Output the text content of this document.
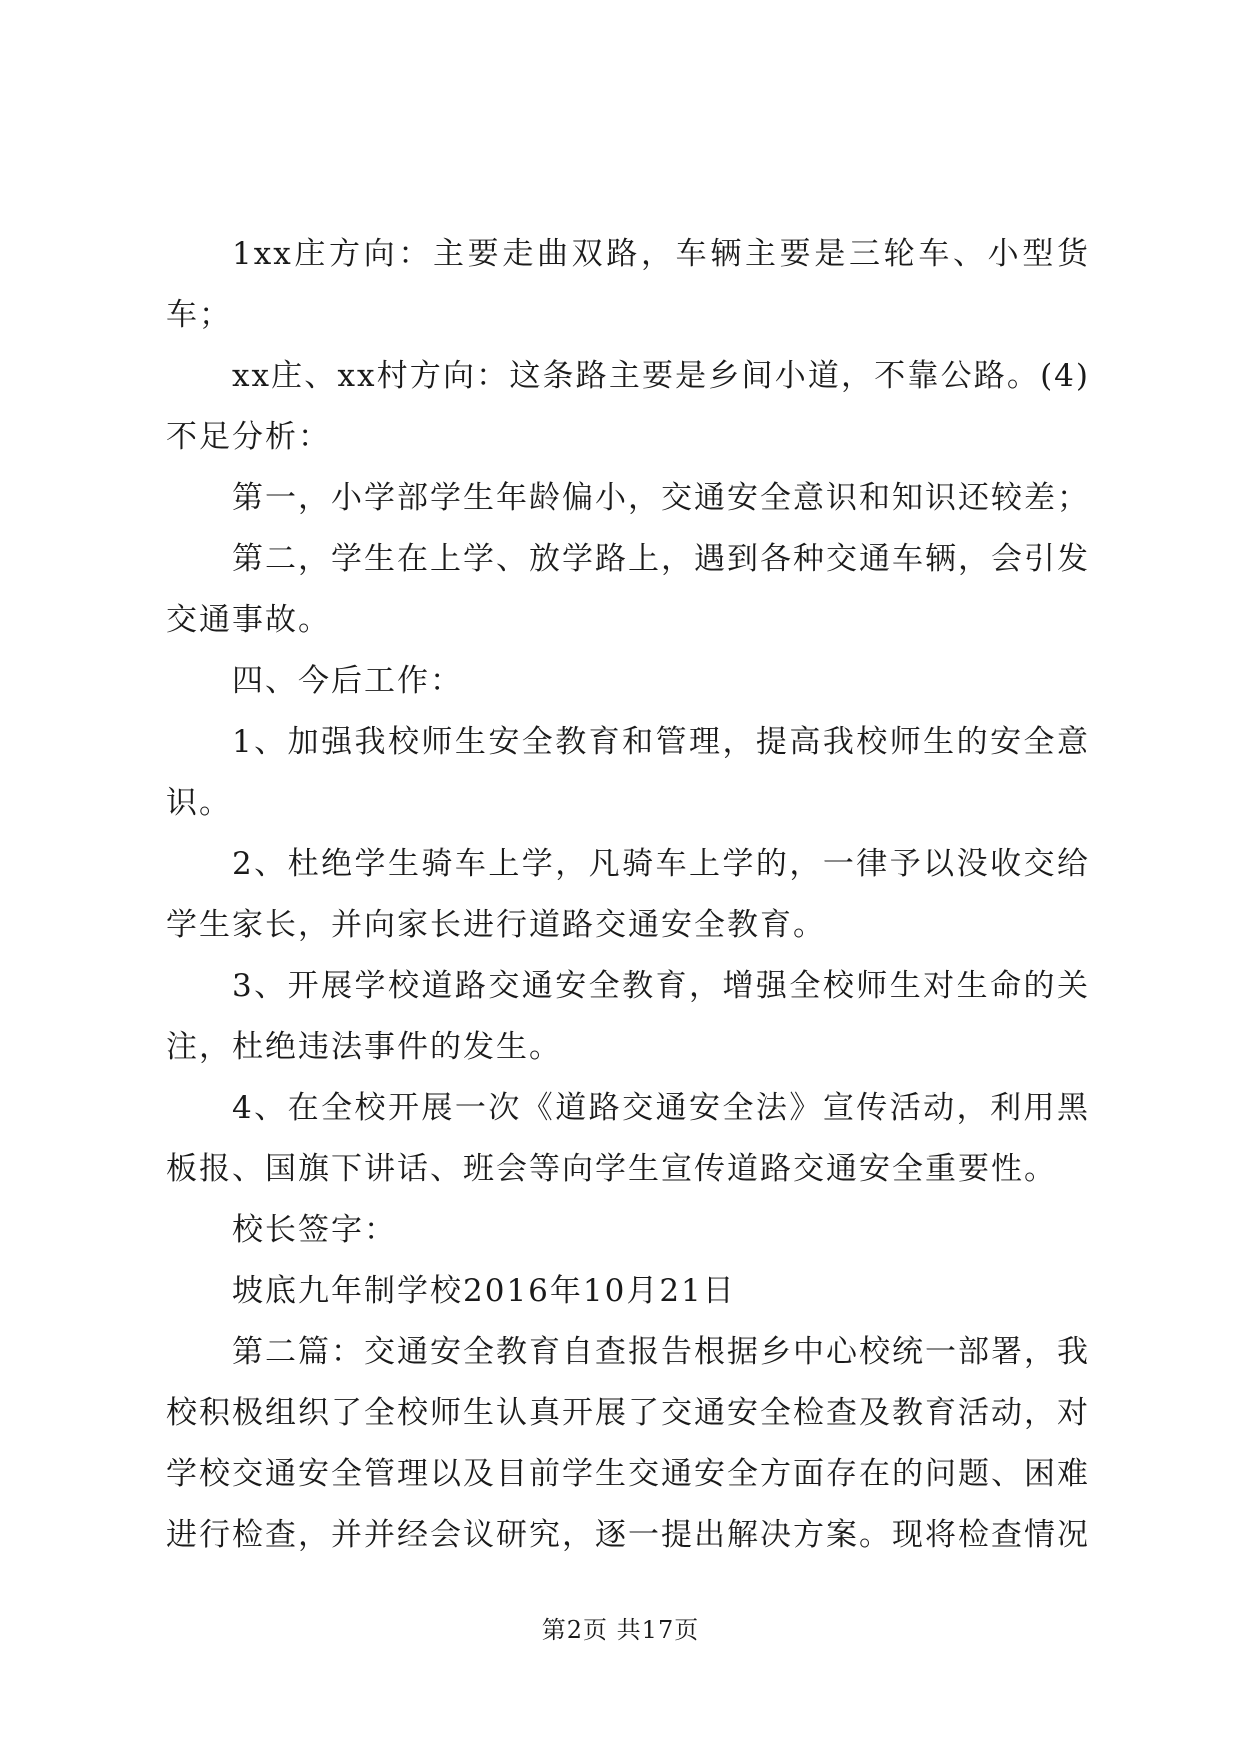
1xx庄方向：主要走曲双路，车辆主要是三轮车、小型货车；

xx庄、xx村方向：这条路主要是乡间小道，不靠公路。(4)不足分析：

第一，小学部学生年龄偏小，交通安全意识和知识还较差；

第二，学生在上学、放学路上，遇到各种交通车辆，会引发交通事故。

四、今后工作：

1、加强我校师生安全教育和管理，提高我校师生的安全意识。

2、杜绝学生骑车上学，凡骑车上学的，一律予以没收交给学生家长，并向家长进行道路交通安全教育。

3、开展学校道路交通安全教育，增强全校师生对生命的关注，杜绝违法事件的发生。

4、在全校开展一次《道路交通安全法》宣传活动，利用黑板报、国旗下讲话、班会等向学生宣传道路交通安全重要性。

校长签字：

坡底九年制学校2016年10月21日

第二篇：交通安全教育自查报告根据乡中心校统一部署，我校积极组织了全校师生认真开展了交通安全检查及教育活动，对学校交通安全管理以及目前学生交通安全方面存在的问题、困难进行检查，并并经会议研究，逐一提出解决方案。现将检查情况

第2页 共17页
